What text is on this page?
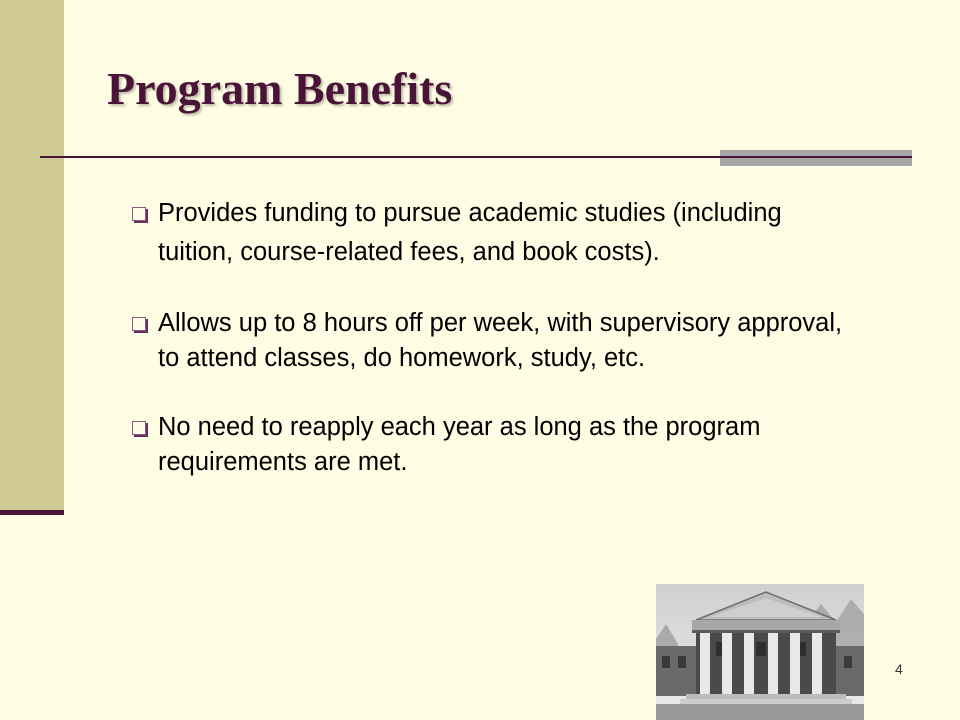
Program Benefits
Provides funding to pursue academic studies (including tuition, course-related fees, and book costs).
Allows up to 8 hours off per week, with supervisory approval, to attend classes, do homework, study, etc.
No need to reapply each year as long as the program requirements are met.
4
